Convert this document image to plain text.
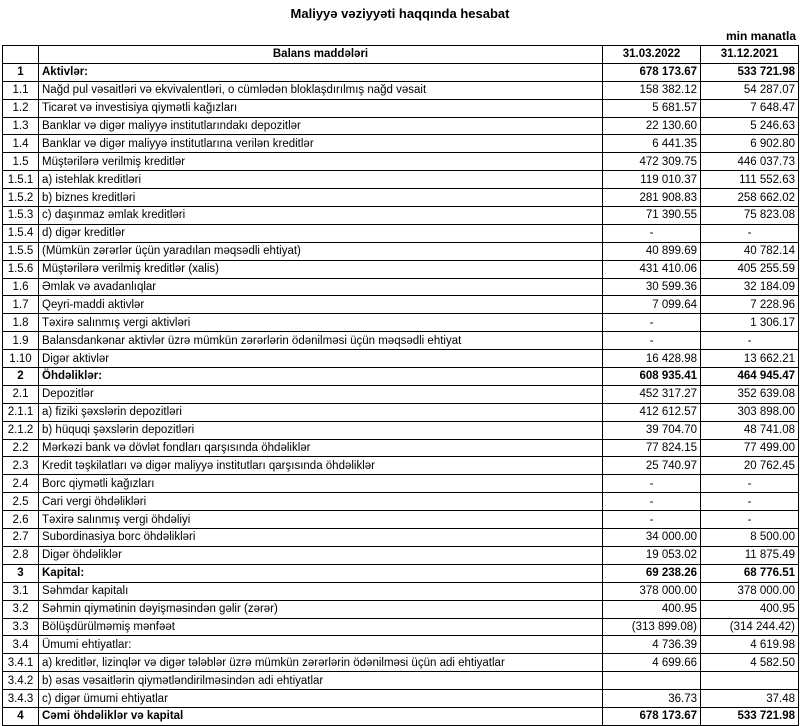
Maliyyə vəziyyəti haqqında hesabat
min manatla
	Balans maddələri	31.03.2022	31.12.2021
1	Aktivlər:	678 173.67	533 721.98
1.1	Nağd pul vəsaitləri və ekvivalentləri, o cümlədən bloklaşdırılmış nağd vəsait	158 382.12	54 287.07
1.2	Ticarət və investisiya qiymətli kağızları	5 681.57	7 648.47
1.3	Banklar və digər maliyyə institutlarındakı depozitlər	22 130.60	5 246.63
1.4	Banklar və digər maliyyə institutlarına verilən kreditlər	6 441.35	6 902.80
1.5	Müştərilərə verilmiş kreditlər	472 309.75	446 037.73
1.5.1	a) istehlak kreditləri	119 010.37	111 552.63
1.5.2	b) biznes kreditləri	281 908.83	258 662.02
1.5.3	c) daşınmaz əmlak kreditləri	71 390.55	75 823.08
1.5.4	d) digər kreditlər	-	-
1.5.5	(Mümkün zərərlər üçün yaradılan məqsədli ehtiyat)	40 899.69	40 782.14
1.5.6	Müştərilərə verilmiş kreditlər (xalis)	431 410.06	405 255.59
1.6	Əmlak və avadanlıqlar	30 599.36	32 184.09
1.7	Qeyri-maddi aktivlər	7 099.64	7 228.96
1.8	Təxirə salınmış vergi aktivləri	-	1 306.17
1.9	Balansdankənar aktivlər üzrə mümkün zərərlərin ödənilməsi üçün məqsədli ehtiyat	-	-
1.10	Digər aktivlər	16 428.98	13 662.21
2	Öhdəliklər:	608 935.41	464 945.47
2.1	Depozitlər	452 317.27	352 639.08
2.1.1	a) fiziki şəxslərin depozitləri	412 612.57	303 898.00
2.1.2	b) hüquqi şəxslərin depozitləri	39 704.70	48 741.08
2.2	Mərkəzi bank və dövlət fondları qarşısında öhdəliklər	77 824.15	77 499.00
2.3	Kredit təşkilatları və digər maliyyə institutları qarşısında öhdəliklər	25 740.97	20 762.45
2.4	Borc qiymətli kağızları	-	-
2.5	Cari vergi öhdəlikləri	-	-
2.6	Təxirə salınmış vergi öhdəliyi	-	-
2.7	Subordinasiya borc öhdəlikləri	34 000.00	8 500.00
2.8	Digər öhdəliklər	19 053.02	11 875.49
3	Kapital:	69 238.26	68 776.51
3.1	Səhmdar kapitalı	378 000.00	378 000.00
3.2	Səhmin qiymətinin dəyişməsindən gəlir (zərər)	400.95	400.95
3.3	Bölüşdürülməmiş mənfəət	(313 899.08)	(314 244.42)
3.4	Ümumi ehtiyatlar:	4 736.39	4 619.98
3.4.1	a) kreditlər, lizinqlər və digər tələblər üzrə mümkün zərərlərin ödənilməsi üçün adi ehtiyatlar	4 699.66	4 582.50
3.4.2	b) əsas vəsaitlərin qiymətləndirilməsindən adi ehtiyatlar		
3.4.3	c) digər ümumi ehtiyatlar	36.73	37.48
4	Cəmi öhdəliklər və kapital	678 173.67	533 721.98
